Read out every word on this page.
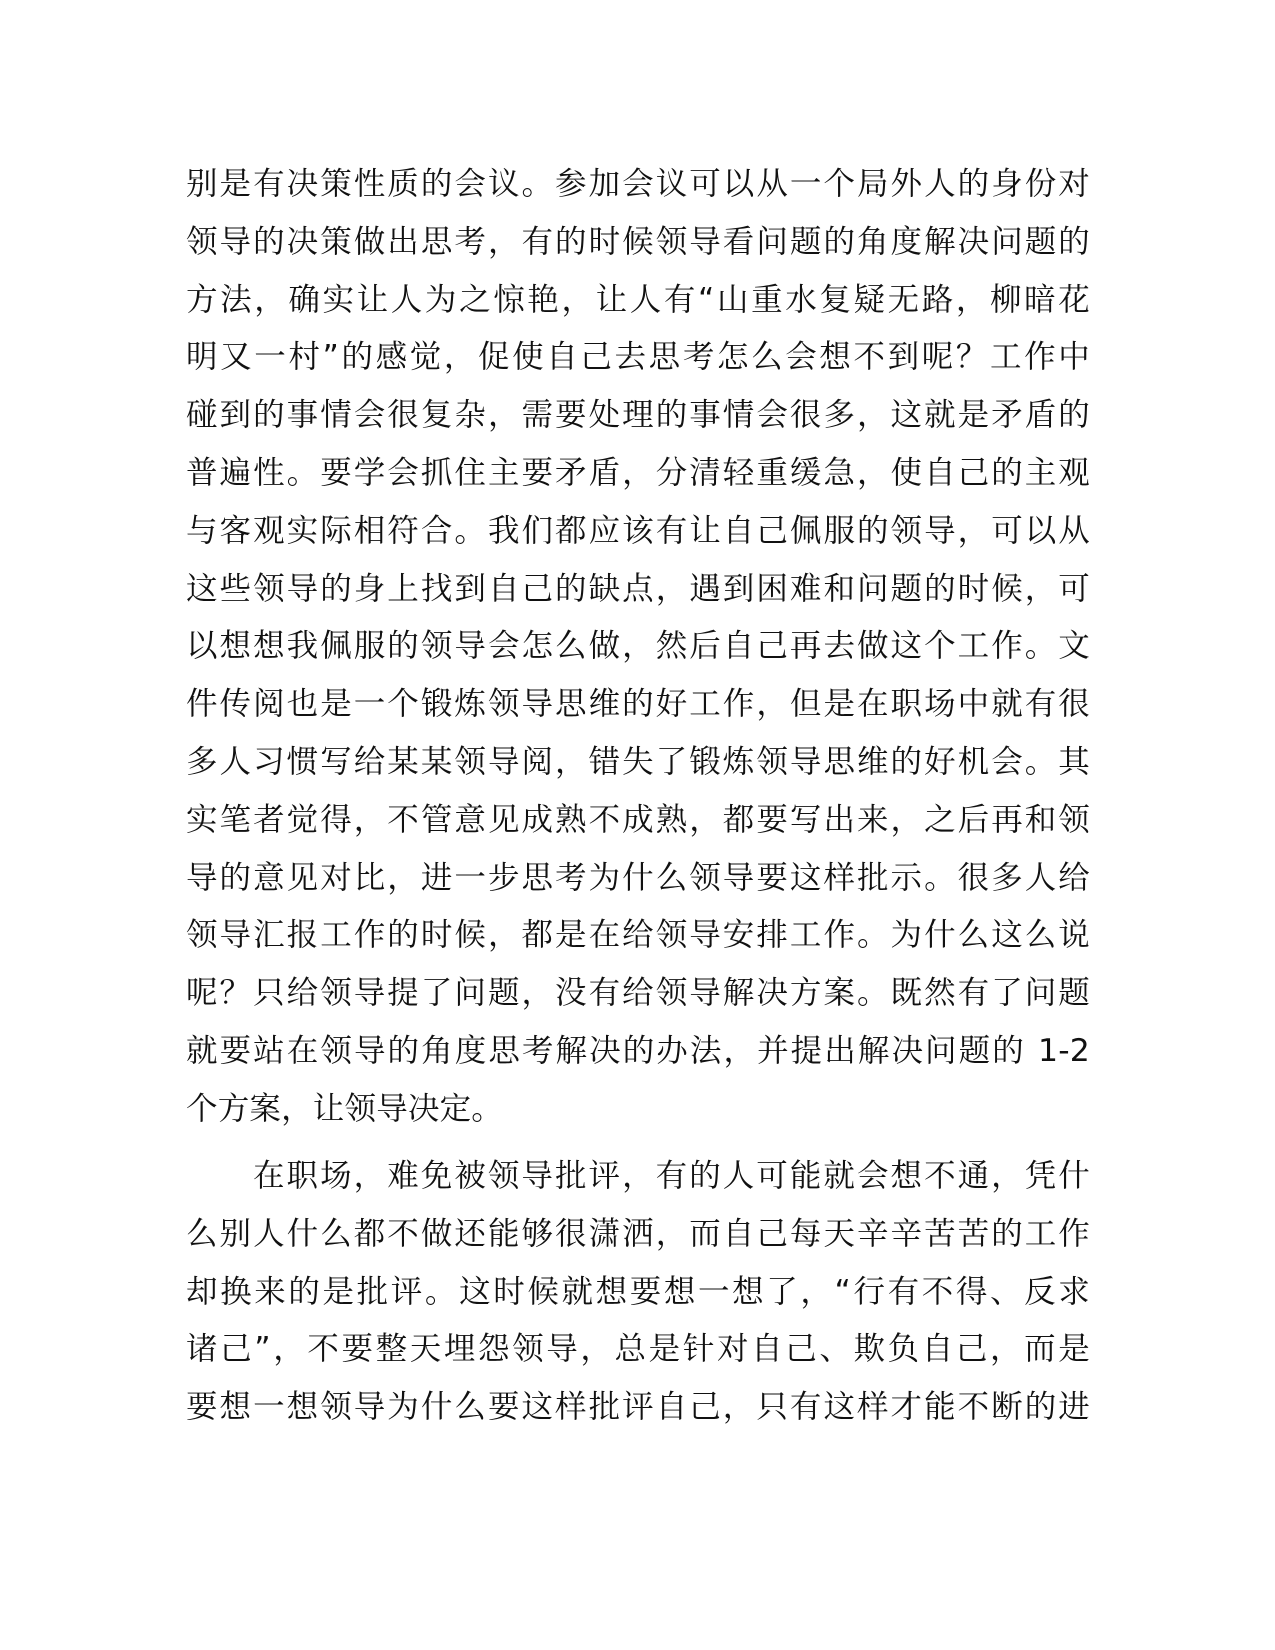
别是有决策性质的会议。参加会议可以从一个局外人的身份对
领导的决策做出思考，有的时候领导看问题的角度解决问题的
方法，确实让人为之惊艳，让人有“山重水复疑无路，柳暗花
明又一村”的感觉，促使自己去思考怎么会想不到呢？工作中
碰到的事情会很复杂，需要处理的事情会很多，这就是矛盾的
普遍性。要学会抓住主要矛盾，分清轻重缓急，使自己的主观
与客观实际相符合。我们都应该有让自己佩服的领导，可以从
这些领导的身上找到自己的缺点，遇到困难和问题的时候，可
以想想我佩服的领导会怎么做，然后自己再去做这个工作。文
件传阅也是一个锻炼领导思维的好工作，但是在职场中就有很
多人习惯写给某某领导阅，错失了锻炼领导思维的好机会。其
实笔者觉得，不管意见成熟不成熟，都要写出来，之后再和领
导的意见对比，进一步思考为什么领导要这样批示。很多人给
领导汇报工作的时候，都是在给领导安排工作。为什么这么说
呢？只给领导提了问题，没有给领导解决方案。既然有了问题
就要站在领导的角度思考解决的办法，并提出解决问题的 1-2
个方案，让领导决定。
在职场，难免被领导批评，有的人可能就会想不通，凭什
么别人什么都不做还能够很潇洒，而自己每天辛辛苦苦的工作
却换来的是批评。这时候就想要想一想了，“行有不得、反求
诸己”，不要整天埋怨领导，总是针对自己、欺负自己，而是
要想一想领导为什么要这样批评自己，只有这样才能不断的进
